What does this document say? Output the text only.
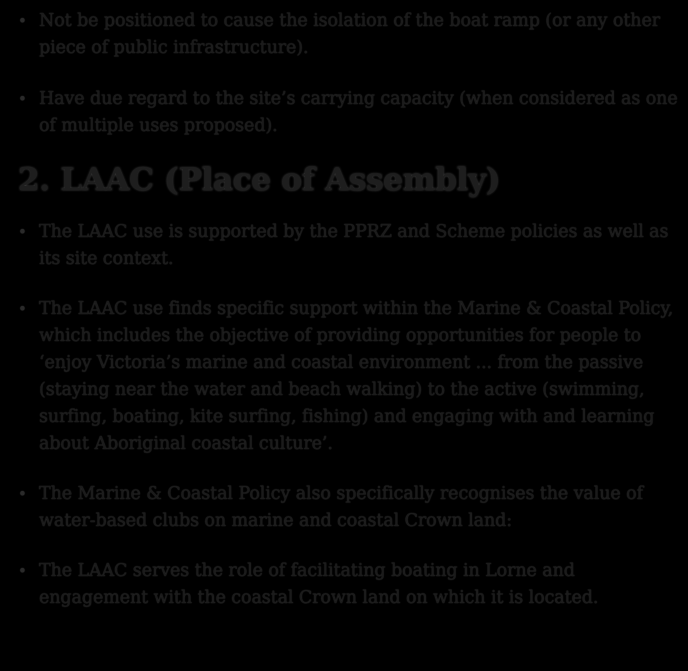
• Not be positioned to cause the isolation of the boat ramp (or any other piece of public infrastructure).
• Have due regard to the site’s carrying capacity (when considered as one of multiple uses proposed).
2. LAAC (Place of Assembly)
• The LAAC use is supported by the PPRZ and Scheme policies as well as its site context.
• The LAAC use finds specific support within the Marine & Coastal Policy, which includes the objective of providing opportunities for people to ‘enjoy Victoria’s marine and coastal environment ... from the passive (staying near the water and beach walking) to the active (swimming, surfing, boating, kite surfing, fishing) and engaging with and learning about Aboriginal coastal culture’.
• The Marine & Coastal Policy also specifically recognises the value of water-based clubs on marine and coastal Crown land:
• The LAAC serves the role of facilitating boating in Lorne and engagement with the coastal Crown land on which it is located.
